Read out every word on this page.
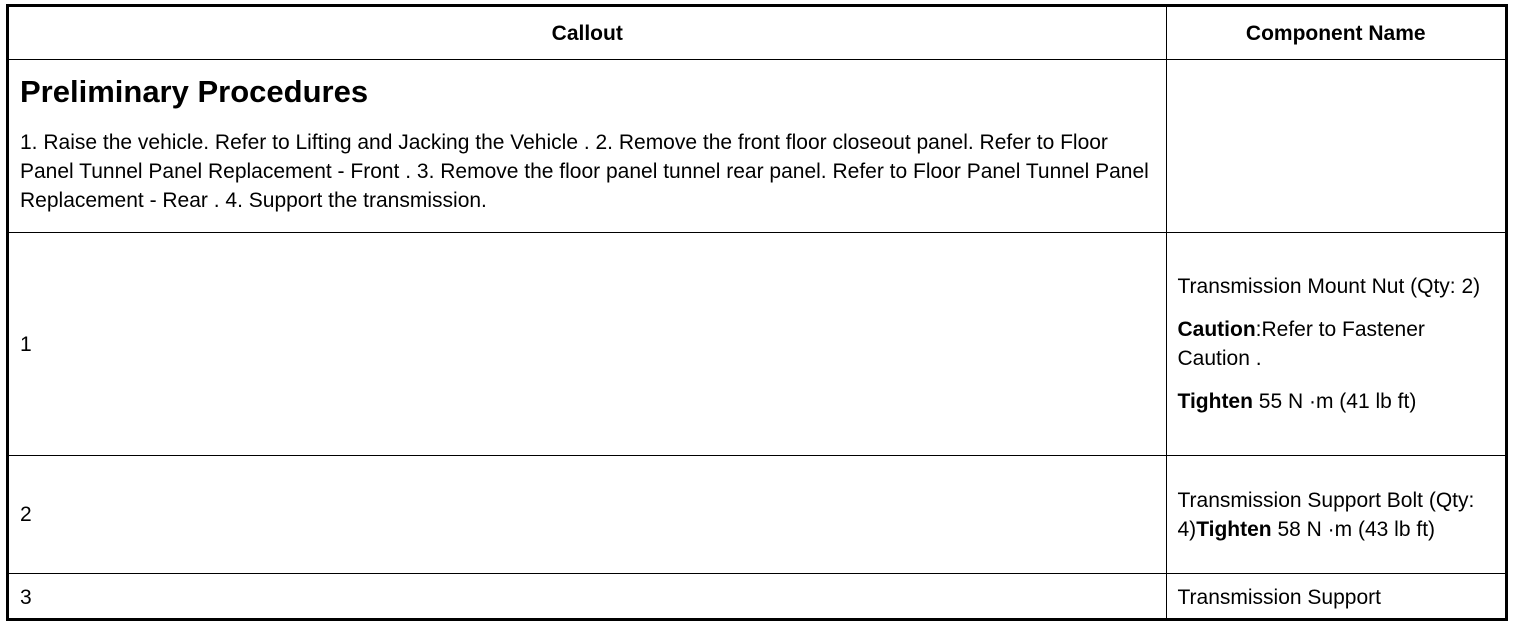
Callout	Component Name

Preliminary Procedures

1. Raise the vehicle. Refer to Lifting and Jacking the Vehicle . 2. Remove the front floor closeout panel. Refer to Floor Panel Tunnel Panel Replacement - Front . 3. Remove the floor panel tunnel rear panel. Refer to Floor Panel Tunnel Panel Replacement - Rear . 4. Support the transmission.	

1	Transmission Mount Nut (Qty: 2)

Caution:Refer to Fastener Caution .

Tighten 55 N ·m (41 lb ft)

2	Transmission Support Bolt (Qty: 4)Tighten 58 N ·m (43 lb ft)
3	Transmission Support
